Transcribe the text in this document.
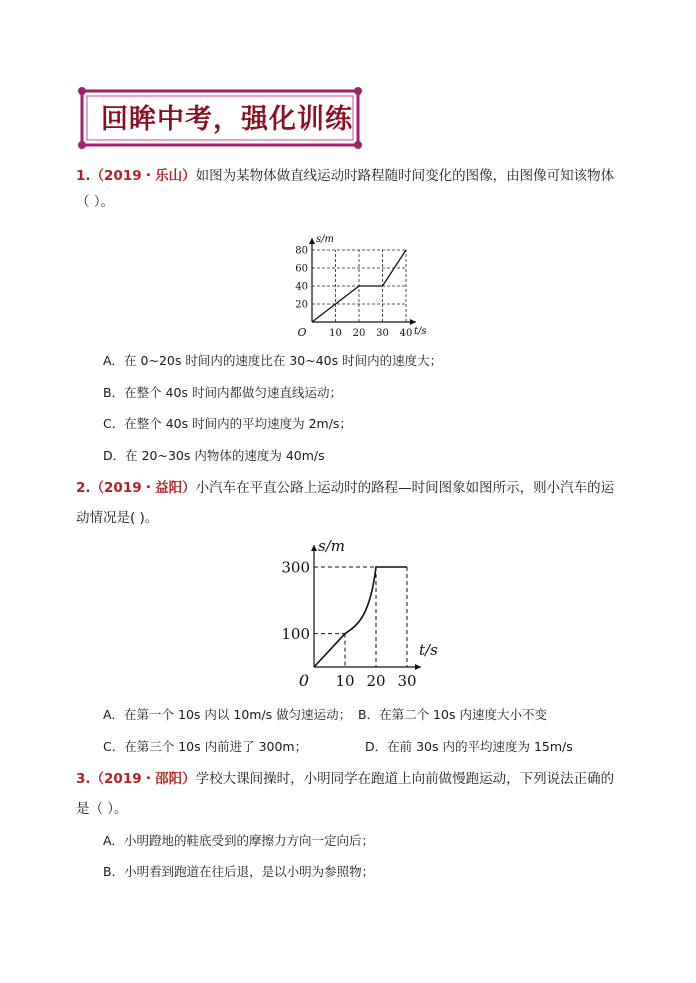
回眸中考，强化训练
1.（2019・乐山）如图为某物体做直线运动时路程随时间变化的图像，由图像可知该物体
（ ）。
10 20 30 40
20
40
60
80
O
s/m
t/s
A．在 0~20s 时间内的速度比在 30~40s 时间内的速度大；
B．在整个 40s 时间内都做匀速直线运动；
C．在整个 40s 时间内的平均速度为 2m/s；
D．在 20~30s 内物体的速度为 40m/s
2.（2019・益阳）小汽车在平直公路上运动时的路程—时间图象如图所示，则小汽车的运
动情况是( )。
10 20 30
100
300
0
s/m
t/s
A．在第一个 10s 内以 10m/s 做匀速运动； B．在第二个 10s 内速度大小不变
C．在第三个 10s 内前进了 300m；	D．在前 30s 内的平均速度为 15m/s
3.（2019・邵阳）学校大课间操时，小明同学在跑道上向前做慢跑运动，下列说法正确的
是（ ）。
A．小明蹬地的鞋底受到的摩擦力方向一定向后；
B．小明看到跑道在往后退，是以小明为参照物；
